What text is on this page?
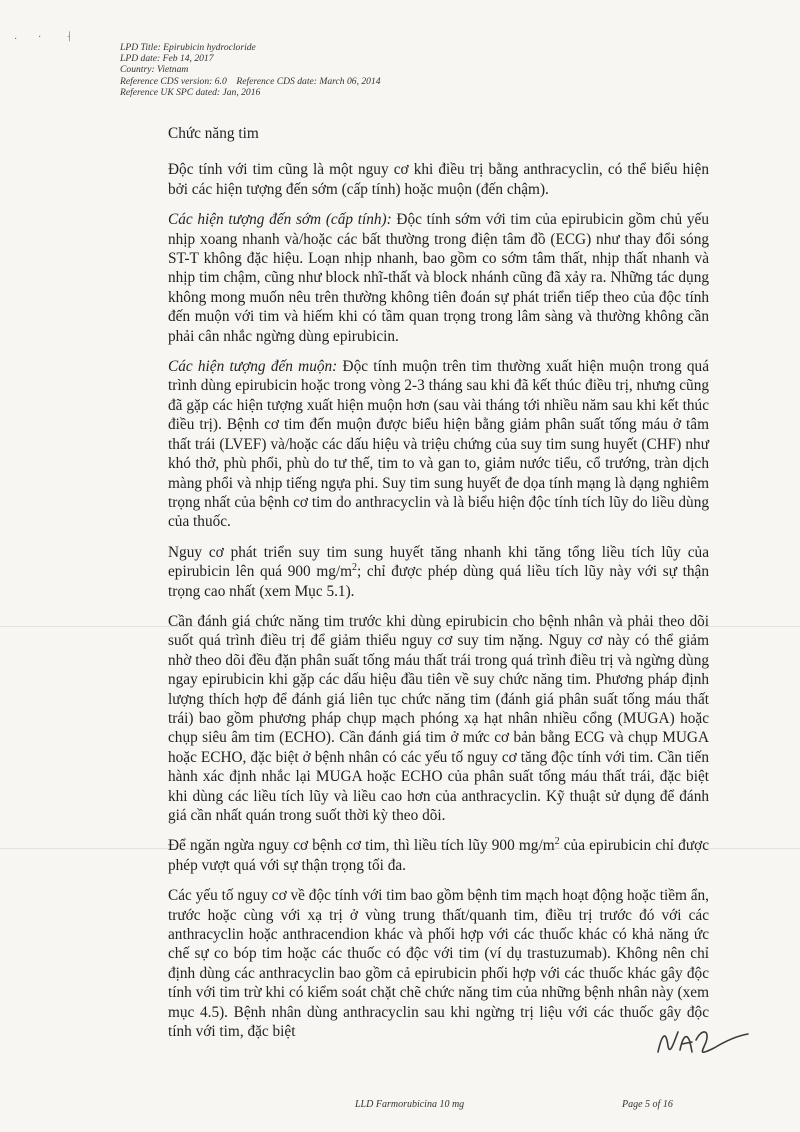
· · ⸡
LPD Title: Epirubicin hydrocloride
LPD date: Feb 14, 2017
Country: Vietnam
Reference CDS version: 6.0    Reference CDS date: March 06, 2014
Reference UK SPC dated: Jan, 2016
Chức năng tim

Độc tính với tim cũng là một nguy cơ khi điều trị bằng anthracyclin, có thể biểu hiện bởi các hiện tượng đến sớm (cấp tính) hoặc muộn (đến chậm).

Các hiện tượng đến sớm (cấp tính): Độc tính sớm với tim của epirubicin gồm chủ yếu nhịp xoang nhanh và/hoặc các bất thường trong điện tâm đồ (ECG) như thay đổi sóng ST-T không đặc hiệu. Loạn nhịp nhanh, bao gồm co sớm tâm thất, nhịp thất nhanh và nhịp tim chậm, cũng như block nhĩ-thất và block nhánh cũng đã xảy ra. Những tác dụng không mong muốn nêu trên thường không tiên đoán sự phát triển tiếp theo của độc tính đến muộn với tim và hiếm khi có tầm quan trọng trong lâm sàng và thường không cần phải cân nhắc ngừng dùng epirubicin.

Các hiện tượng đến muộn: Độc tính muộn trên tim thường xuất hiện muộn trong quá trình dùng epirubicin hoặc trong vòng 2-3 tháng sau khi đã kết thúc điều trị, nhưng cũng đã gặp các hiện tượng xuất hiện muộn hơn (sau vài tháng tới nhiều năm sau khi kết thúc điều trị). Bệnh cơ tim đến muộn được biểu hiện bằng giảm phân suất tống máu ở tâm thất trái (LVEF) và/hoặc các dấu hiệu và triệu chứng của suy tim sung huyết (CHF) như khó thở, phù phổi, phù do tư thế, tim to và gan to, giảm nước tiểu, cổ trướng, tràn dịch màng phổi và nhịp tiếng ngựa phi. Suy tim sung huyết đe dọa tính mạng là dạng nghiêm trọng nhất của bệnh cơ tim do anthracyclin và là biểu hiện độc tính tích lũy do liều dùng của thuốc.

Nguy cơ phát triển suy tim sung huyết tăng nhanh khi tăng tổng liều tích lũy của epirubicin lên quá 900 $mg/m^2$; chỉ được phép dùng quá liều tích lũy này với sự thận trọng cao nhất (xem Mục 5.1).

Cần đánh giá chức năng tim trước khi dùng epirubicin cho bệnh nhân và phải theo dõi suốt quá trình điều trị để giảm thiểu nguy cơ suy tim nặng. Nguy cơ này có thể giảm nhờ theo dõi đều đặn phân suất tống máu thất trái trong quá trình điều trị và ngừng dùng ngay epirubicin khi gặp các dấu hiệu đầu tiên về suy chức năng tim. Phương pháp định lượng thích hợp để đánh giá liên tục chức năng tim (đánh giá phân suất tống máu thất trái) bao gồm phương pháp chụp mạch phóng xạ hạt nhân nhiều cổng (MUGA) hoặc chụp siêu âm tim (ECHO). Cần đánh giá tim ở mức cơ bản bằng ECG và chụp MUGA hoặc ECHO, đặc biệt ở bệnh nhân có các yếu tố nguy cơ tăng độc tính với tim. Cần tiến hành xác định nhắc lại MUGA hoặc ECHO của phân suất tống máu thất trái, đặc biệt khi dùng các liều tích lũy và liều cao hơn của anthracyclin. Kỹ thuật sử dụng để đánh giá cần nhất quán trong suốt thời kỳ theo dõi.

Để ngăn ngừa nguy cơ bệnh cơ tim, thì liều tích lũy 900 $mg/m^2$ của epirubicin chỉ được phép vượt quá với sự thận trọng tối đa.

Các yếu tố nguy cơ về độc tính với tim bao gồm bệnh tim mạch hoạt động hoặc tiềm ẩn, trước hoặc cùng với xạ trị ở vùng trung thất/quanh tim, điều trị trước đó với các anthracyclin hoặc anthracendion khác và phối hợp với các thuốc khác có khả năng ức chế sự co bóp tim hoặc các thuốc có độc với tim (ví dụ trastuzumab). Không nên chỉ định dùng các anthracyclin bao gồm cả epirubicin phối hợp với các thuốc khác gây độc tính với tim trừ khi có kiểm soát chặt chẽ chức năng tim của những bệnh nhân này (xem mục 4.5). Bệnh nhân dùng anthracyclin sau khi ngừng trị liệu với các thuốc gây độc tính với tim, đặc biệt

LLD Farmorubicina 10 mg	Page 5 of 16
